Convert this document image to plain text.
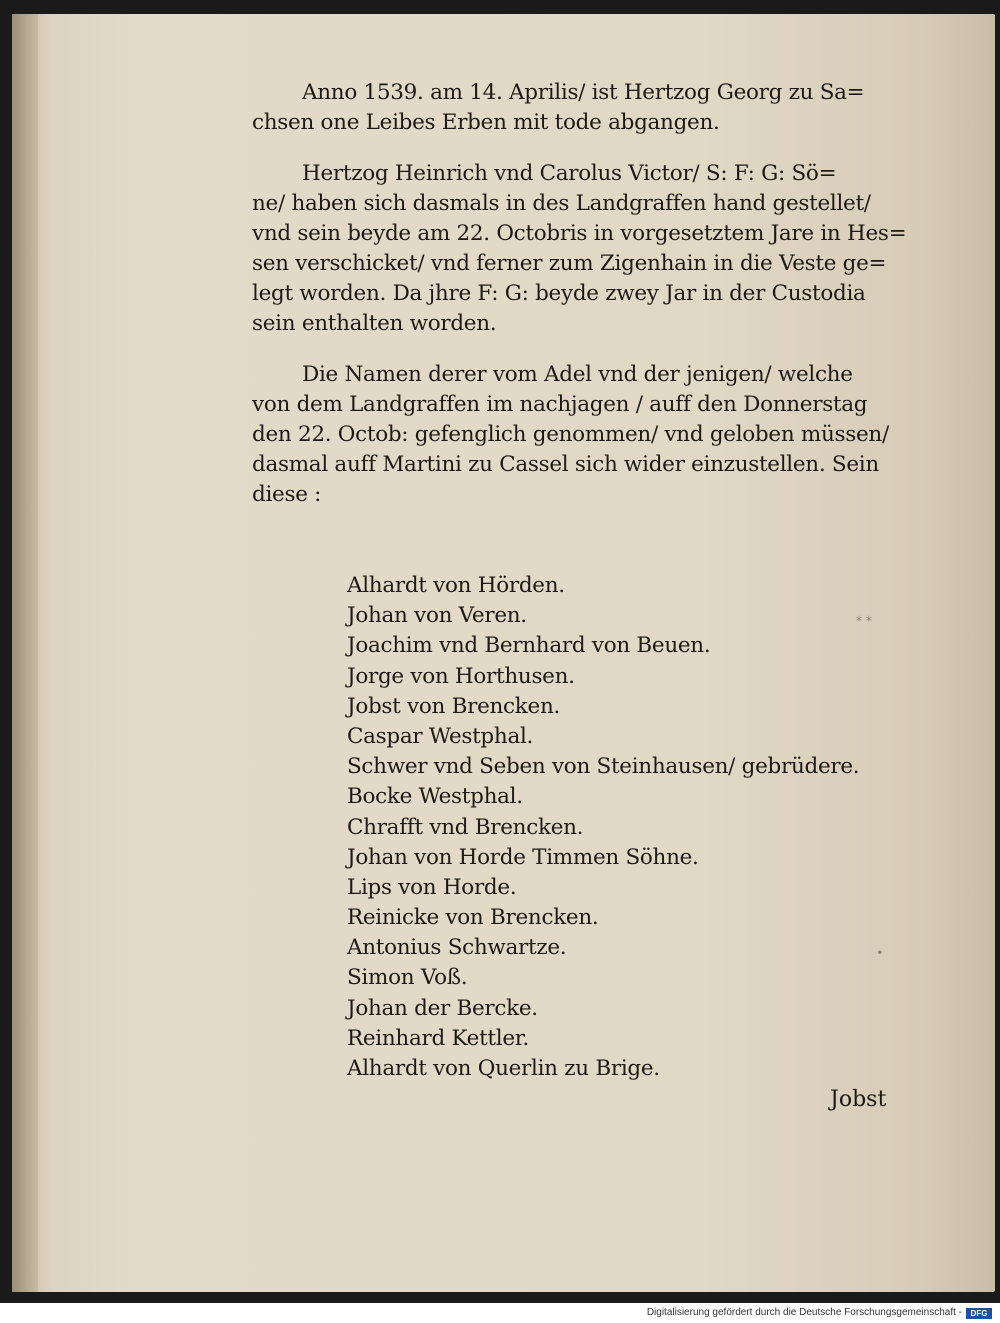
Anno 1539. am 14. Aprilis/ ist Hertzog Georg zu Sa=
chsen one Leibes Erben mit tode abgangen.

Hertzog Heinrich vnd Carolus Victor/ S: F: G: Sö=
ne/ haben sich dasmals in des Landgraffen hand gestellet/
vnd sein beyde am 22. Octobris in vorgesetztem Jare in Hes=
sen verschicket/ vnd ferner zum Zigenhain in die Veste ge=
legt worden. Da jhre F: G: beyde zwey Jar in der Custodia
sein enthalten worden.

Die Namen derer vom Adel vnd der jenigen/ welche
von dem Landgraffen im nachjagen / auff den Donnerstag
den 22. Octob: gefenglich genommen/ vnd geloben müssen/
dasmal auff Martini zu Cassel sich wider einzustellen. Sein
diese :

Alhardt von Hörden.
Johan von Veren.
Joachim vnd Bernhard von Beuen.
Jorge von Horthusen.
Jobst von Brencken.
Caspar Westphal.
Schwer vnd Seben von Steinhausen/ gebrüdere.
Bocke Westphal.
Chrafft vnd Brencken.
Johan von Horde Timmen Söhne.
Lips von Horde.
Reinicke von Brencken.
Antonius Schwartze.
Simon Voß.
Johan der Bercke.
Reinhard Kettler.
Alhardt von Querlin zu Brige.
Jobst
⁎ ⁎
∙
Digitalisierung gefördert durch die Deutsche Forschungsgemeinschaft -	DFG
